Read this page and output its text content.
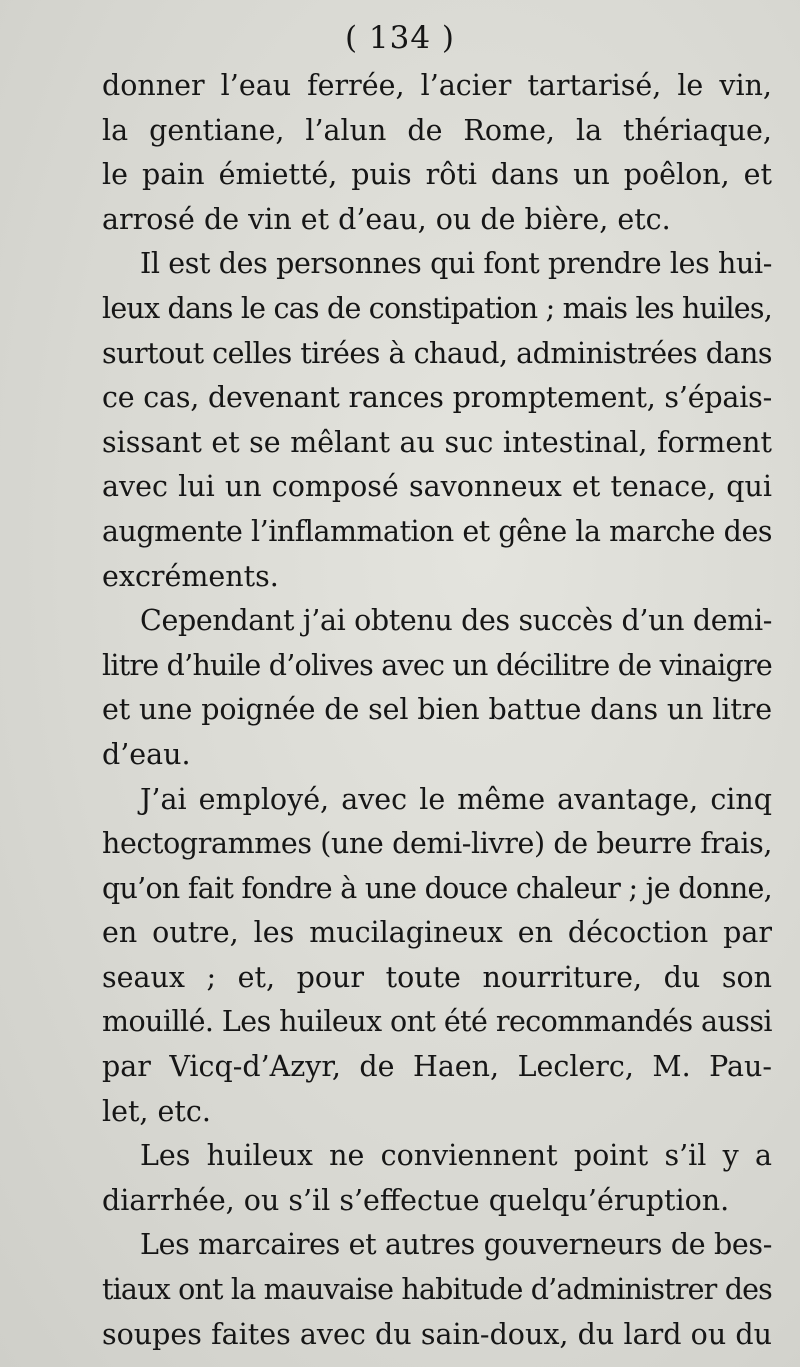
( 134 )

donner l’eau ferrée, l’acier tartarisé, le vin,
la gentiane, l’alun de Rome, la thériaque,
le pain émietté, puis rôti dans un poêlon, et
arrosé de vin et d’eau, ou de bière, etc.

Il est des personnes qui font prendre les hui-
leux dans le cas de constipation ; mais les huiles,
surtout celles tirées à chaud, administrées dans
ce cas, devenant rances promptement, s’épais-
sissant et se mêlant au suc intestinal, forment
avec lui un composé savonneux et tenace, qui
augmente l’inflammation et gêne la marche des
excréments.

Cependant j’ai obtenu des succès d’un demi-
litre d’huile d’olives avec un décilitre de vinaigre
et une poignée de sel bien battue dans un litre
d’eau.

J’ai employé, avec le même avantage, cinq
hectogrammes (une demi-livre) de beurre frais,
qu’on fait fondre à une douce chaleur ; je donne,
en outre, les mucilagineux en décoction par
seaux ; et, pour toute nourriture, du son
mouillé. Les huileux ont été recommandés aussi
par Vicq-d’Azyr, de Haen, Leclerc, M. Pau-
let, etc.

Les huileux ne conviennent point s’il y a
diarrhée, ou s’il s’effectue quelqu’éruption.

Les marcaires et autres gouverneurs de bes-
tiaux ont la mauvaise habitude d’administrer des
soupes faites avec du sain-doux, du lard ou du
